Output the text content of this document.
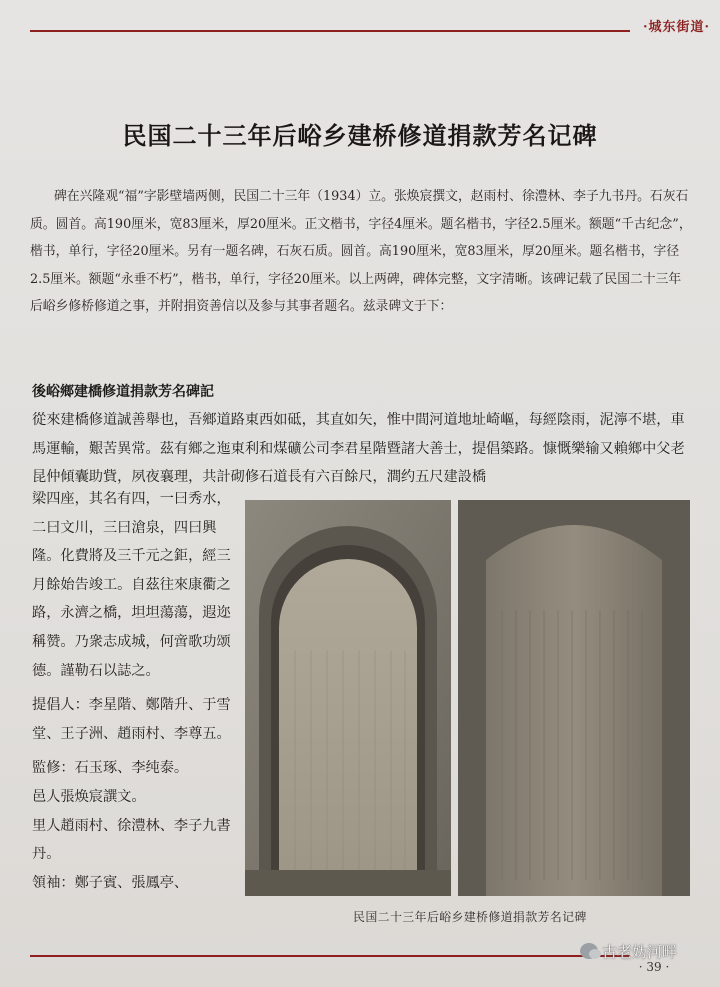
·城东街道·
民国二十三年后峪乡建桥修道捐款芳名记碑
碑在兴隆观“福”字影壁墙两侧，民国二十三年（1934）立。张焕宸撰文，赵雨村、徐澧林、李子九书丹。石灰石质。圆首。高190厘米，宽83厘米，厚20厘米。正文楷书，字径4厘米。题名楷书，字径2.5厘米。额题“千古纪念”，楷书，单行，字径20厘米。另有一题名碑，石灰石质。圆首。高190厘米，宽83厘米，厚20厘米。题名楷书，字径2.5厘米。额题“永垂不朽”，楷书，单行，字径20厘米。以上两碑，碑体完整，文字清晰。该碑记载了民国二十三年后峪乡修桥修道之事，并附捐资善信以及参与其事者题名。兹录碑文于下：
後峪鄉建橋修道捐款芳名碑記
從來建橋修道誠善舉也，吾鄉道路東西如砥，其直如矢，惟中間河道地址崎嶇，每經陰雨，泥濘不堪，車馬運輸，艱苦異常。茲有鄉之迤東利和煤礦公司李君星階暨諸大善士，提倡築路。慷慨樂输又賴鄉中父老昆仲傾囊助貲，夙夜襄理，共計砌修石道長有六百餘尺，澗约五尺建設橋

梁四座，其名有四，一曰秀水，二曰文川，三曰滄泉，四曰興隆。化費將及三千元之鉅，經三月餘始告竣工。自茲往來康衢之路，永濟之橋，坦坦蕩蕩，遐迩稱赞。乃衆志成城，何啻歌功颂德。謹勒石以誌之。

提倡人：李星階、鄭階升、于雪堂、王子洲、趙雨村、李尊五。

監修：石玉琢、李纯泰。

邑人張焕宸譔文。

里人趙雨村、徐澧林、李子九書丹。

領袖：鄭子賓、張鳳亭、

民国二十三年后峪乡建桥修道捐款芳名记碑
古老妫河畔
· 39 ·
